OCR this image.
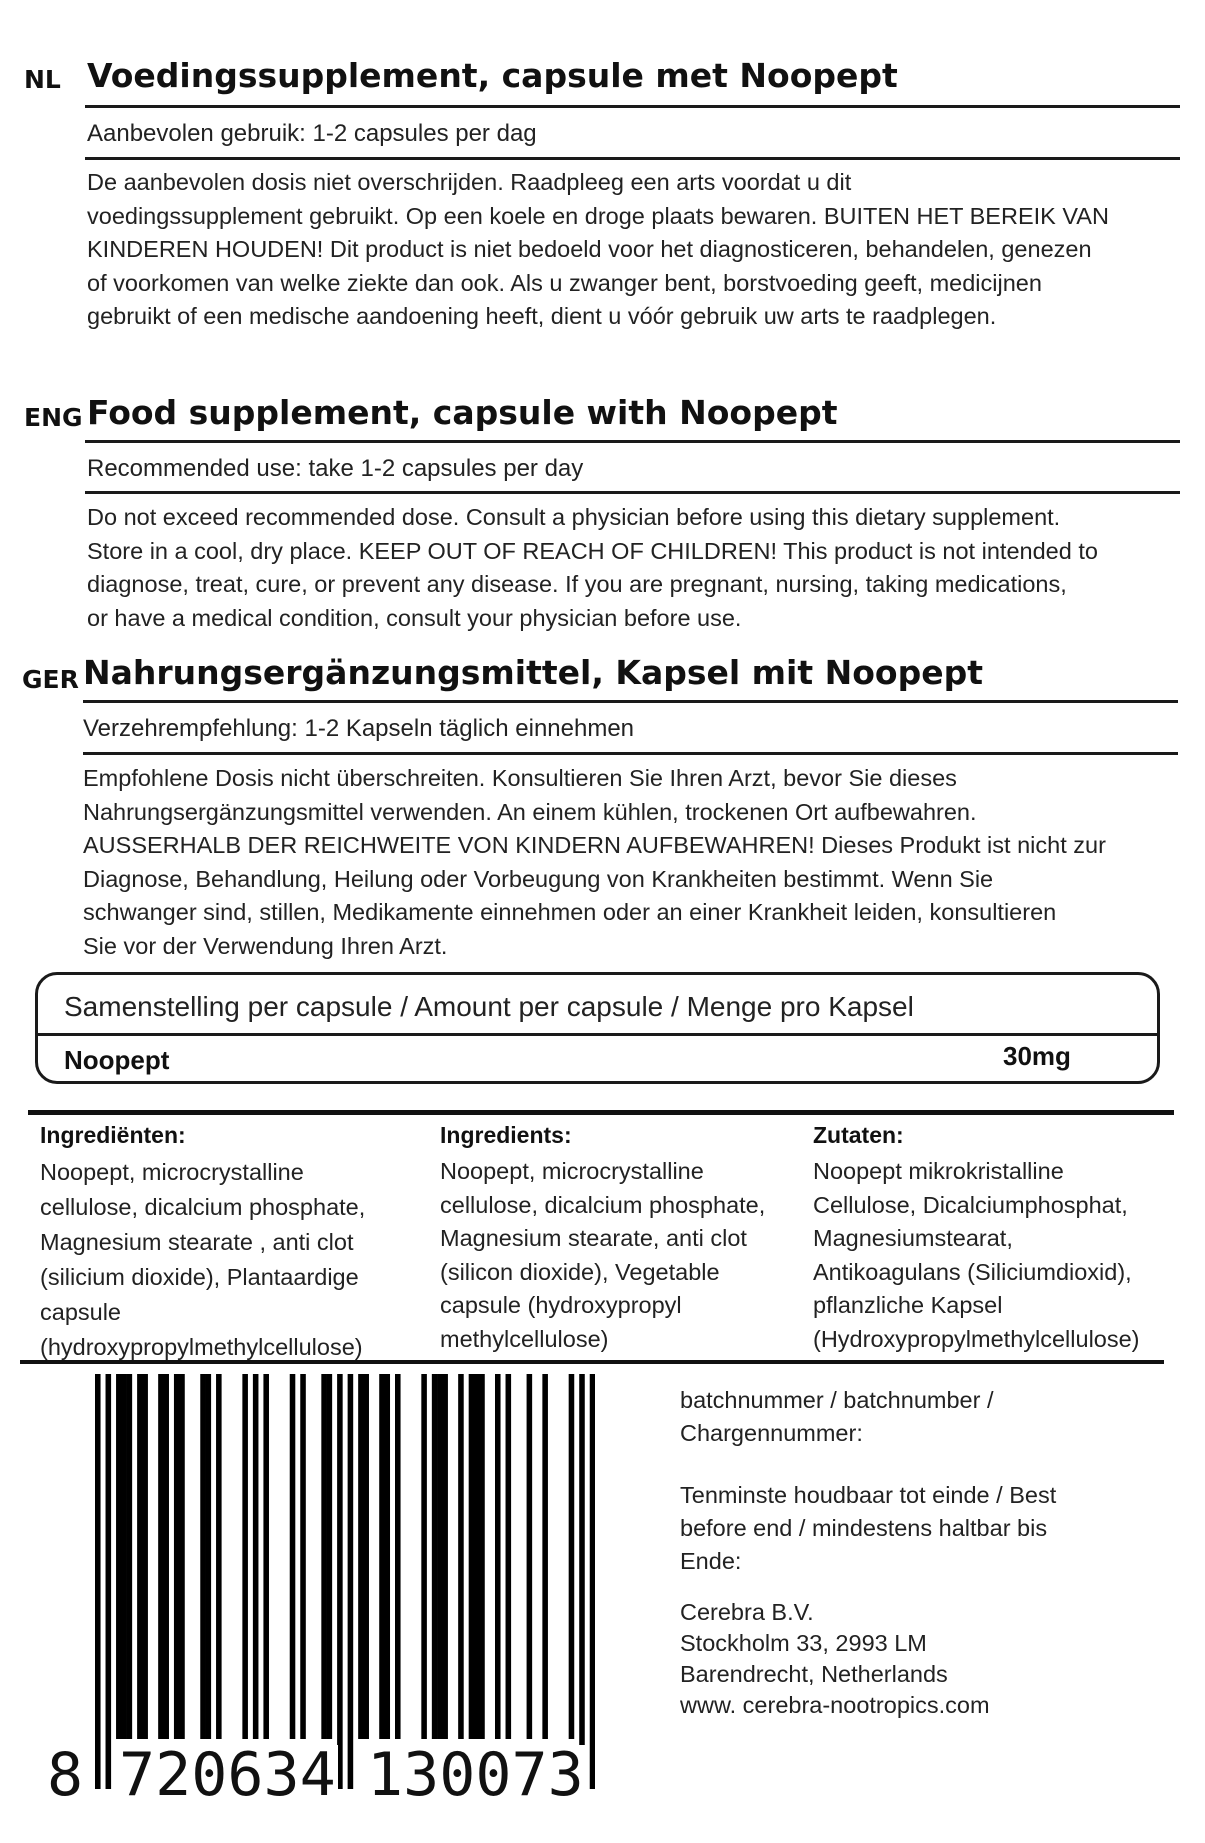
NL Voedingssupplement, capsule met Noopept
Aanbevolen gebruik: 1-2 capsules per dag
De aanbevolen dosis niet overschrijden. Raadpleeg een arts voordat u dit
voedingssupplement gebruikt. Op een koele en droge plaats bewaren. BUITEN HET BEREIK VAN
KINDEREN HOUDEN! Dit product is niet bedoeld voor het diagnosticeren, behandelen, genezen
of voorkomen van welke ziekte dan ook. Als u zwanger bent, borstvoeding geeft, medicijnen
gebruikt of een medische aandoening heeft, dient u vóór gebruik uw arts te raadplegen.
ENG Food supplement, capsule with Noopept
Recommended use: take 1-2 capsules per day
Do not exceed recommended dose. Consult a physician before using this dietary supplement.
Store in a cool, dry place. KEEP OUT OF REACH OF CHILDREN! This product is not intended to
diagnose, treat, cure, or prevent any disease. If you are pregnant, nursing, taking medications,
or have a medical condition, consult your physician before use.
GER Nahrungsergänzungsmittel, Kapsel mit Noopept
Verzehrempfehlung: 1-2 Kapseln täglich einnehmen
Empfohlene Dosis nicht überschreiten. Konsultieren Sie Ihren Arzt, bevor Sie dieses
Nahrungsergänzungsmittel verwenden. An einem kühlen, trockenen Ort aufbewahren.
AUSSERHALB DER REICHWEITE VON KINDERN AUFBEWAHREN! Dieses Produkt ist nicht zur
Diagnose, Behandlung, Heilung oder Vorbeugung von Krankheiten bestimmt. Wenn Sie
schwanger sind, stillen, Medikamente einnehmen oder an einer Krankheit leiden, konsultieren
Sie vor der Verwendung Ihren Arzt.
Samenstelling per capsule / Amount per capsule / Menge pro Kapsel
Noopept	30mg
Ingrediënten:
Noopept, microcrystalline
cellulose, dicalcium phosphate,
Magnesium stearate , anti clot
(silicium dioxide), Plantaardige
capsule
(hydroxypropylmethylcellulose)
Ingredients:
Noopept, microcrystalline
cellulose, dicalcium phosphate,
Magnesium stearate, anti clot
(silicon dioxide), Vegetable
capsule (hydroxypropyl
methylcellulose)
Zutaten:
Noopept mikrokristalline
Cellulose, Dicalciumphosphat,
Magnesiumstearat,
Antikoagulans (Siliciumdioxid),
pflanzliche Kapsel
(Hydroxypropylmethylcellulose)
8 720634 130073
batchnummer / batchnumber /
Chargennummer:
Tenminste houdbaar tot einde / Best
before end / mindestens haltbar bis
Ende:
Cerebra B.V.
Stockholm 33, 2993 LM
Barendrecht, Netherlands
www. cerebra-nootropics.com
